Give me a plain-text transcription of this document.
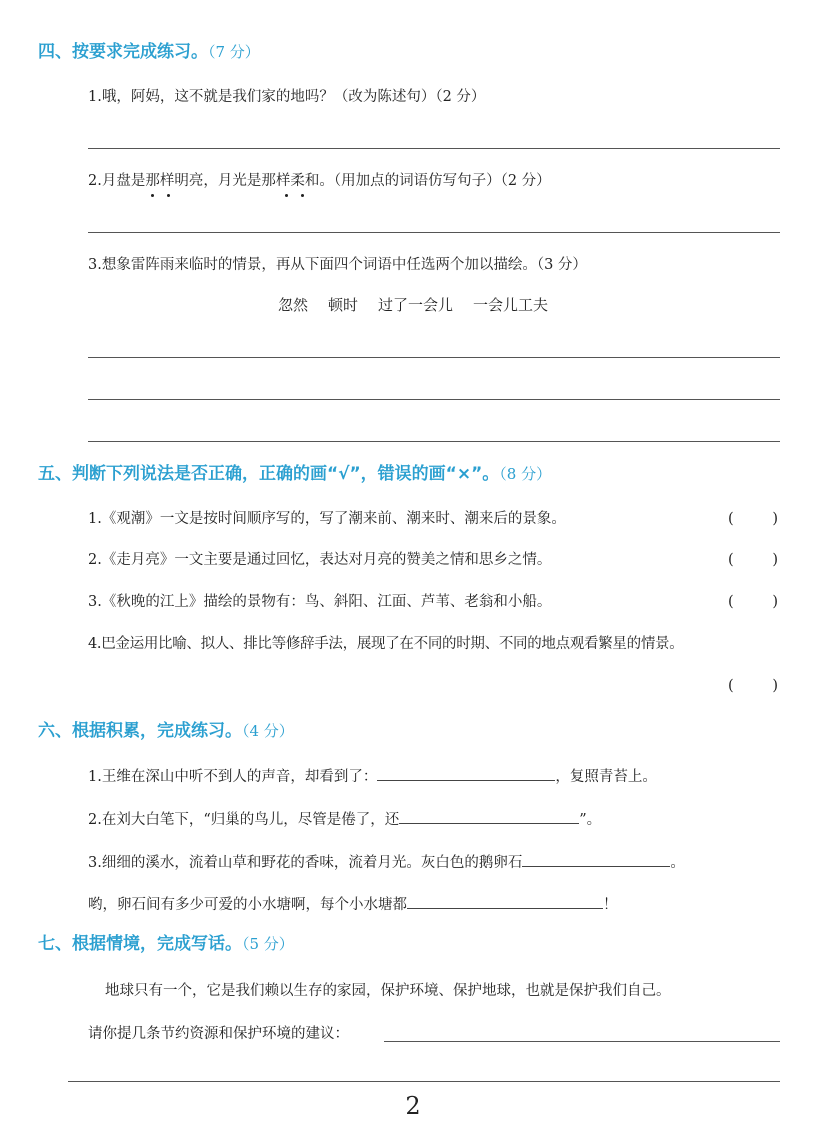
四、按要求完成练习。（7 分）
1.哦，阿妈，这不就是我们家的地吗？（改为陈述句）（2 分）
2.月盘是那样明亮，月光是那样柔和。（用加点的词语仿写句子）（2 分）
3.想象雷阵雨来临时的情景，再从下面四个词语中任选两个加以描绘。（3 分）
忽然 顿时 过了一会儿 一会儿工夫
五、判断下列说法是否正确，正确的画“√”，错误的画“×”。（8 分）
1.《观潮》一文是按时间顺序写的，写了潮来前、潮来时、潮来后的景象。	(	)
2.《走月亮》一文主要是通过回忆，表达对月亮的赞美之情和思乡之情。	(	)
3.《秋晚的江上》描绘的景物有：鸟、斜阳、江面、芦苇、老翁和小船。	(	)
4.巴金运用比喻、拟人、排比等修辞手法，展现了在不同的时期、不同的地点观看繁星的情景。
(	)
六、根据积累，完成练习。（4 分）
1.王维在深山中听不到人的声音，却看到了：	，复照青苔上。
2.在刘大白笔下，“归巢的鸟儿，尽管是倦了，还	”。
3.细细的溪水，流着山草和野花的香味，流着月光。灰白色的鹅卵石	。
哟，卵石间有多少可爱的小水塘啊，每个小水塘都	！
七、根据情境，完成写话。（5 分）
地球只有一个，它是我们赖以生存的家园，保护环境、保护地球，也就是保护我们自己。
请你提几条节约资源和保护环境的建议：
2
